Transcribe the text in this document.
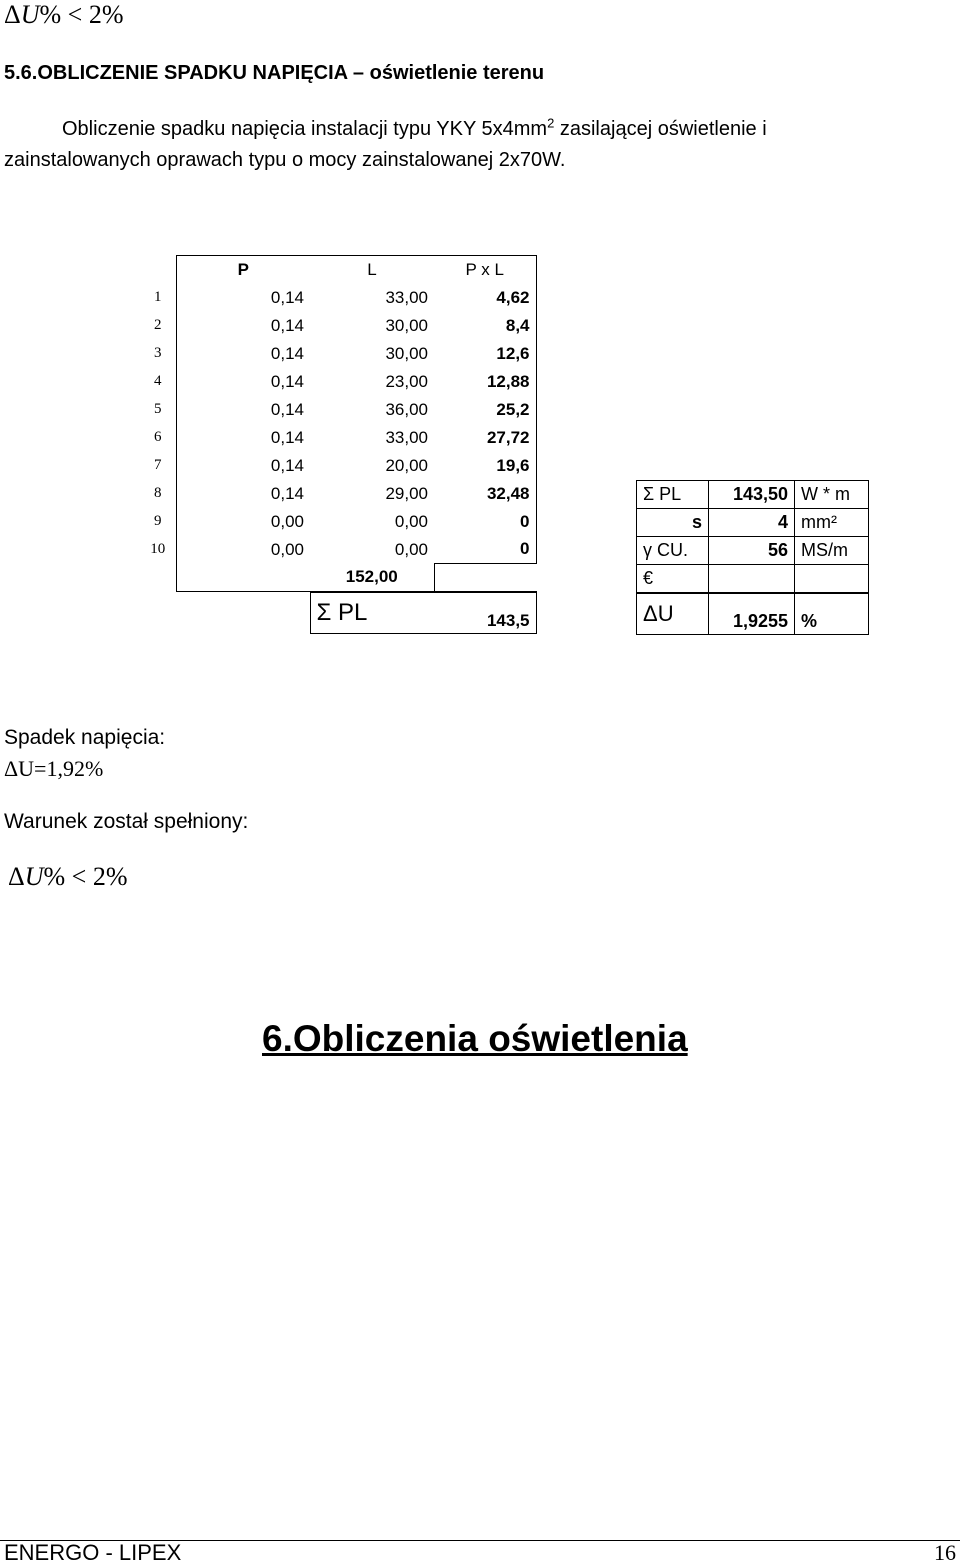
ΔU% < 2%
5.6.OBLICZENIE SPADKU NAPIĘCIA – oświetlenie terenu
Obliczenie spadku napięcia instalacji typu YKY $5x4mm^2$ zasilającej oświetlenie i
zainstalowanych oprawach typu o mocy zainstalowanej 2x70W.
	P	L	P x L
1	0,14	33,00	4,62
2	0,14	30,00	8,4
3	0,14	30,00	12,6
4	0,14	23,00	12,88
5	0,14	36,00	25,2
6	0,14	33,00	27,72
7	0,14	20,00	19,6
8	0,14	29,00	32,48
9	0,00	0,00	0
10	0,00	0,00	0
		152,00	
		Σ PL	143,5
Σ PL	143,50	W * m
s	4	mm²
γ CU.	56	MS/m
€		
ΔU	1,9255	%
Spadek napięcia:
ΔU=1,92%
Warunek został spełniony:
ΔU% < 2%
6.Obliczenia oświetlenia
ENERGO - LIPEX	16
